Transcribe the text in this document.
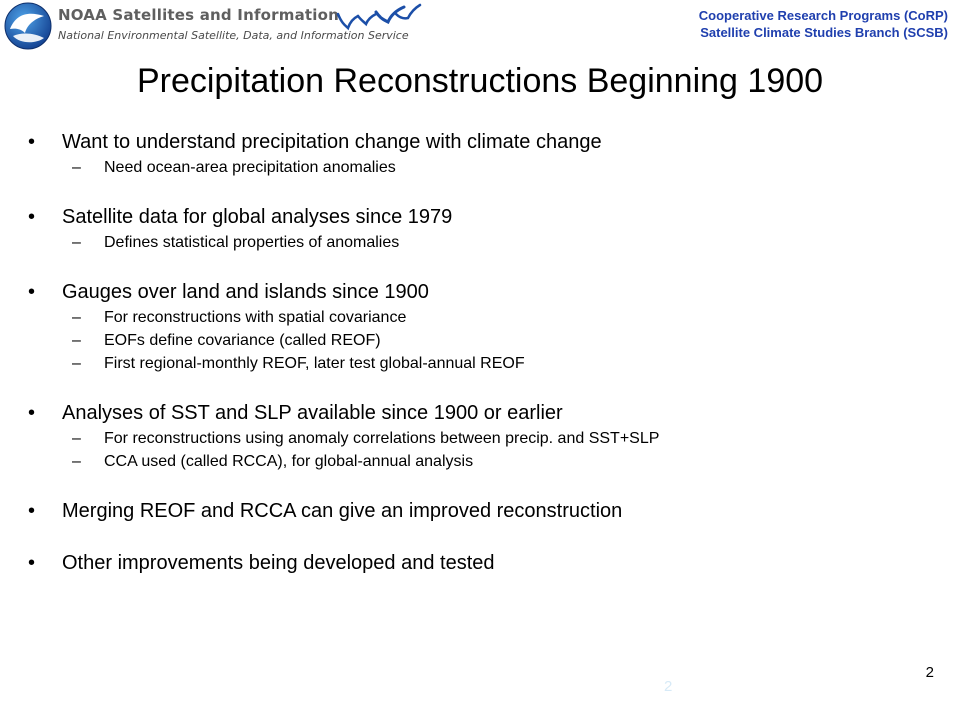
NOAA Satellites and Information
National Environmental Satellite, Data, and Information Service
Cooperative Research Programs (CoRP)
Satellite Climate Studies Branch (SCSB)
Precipitation Reconstructions Beginning 1900
• Want to understand precipitation change with climate change
– Need ocean-area precipitation anomalies
• Satellite data for global analyses since 1979
– Defines statistical properties of anomalies
• Gauges over land and islands since 1900
– For reconstructions with spatial covariance
– EOFs define covariance (called REOF)
– First regional-monthly REOF, later test global-annual REOF
• Analyses of SST and SLP available since 1900 or earlier
– For reconstructions using anomaly correlations between precip. and SST+SLP
– CCA used (called RCCA), for global-annual analysis
• Merging REOF and RCCA can give an improved reconstruction
• Other improvements being developed and tested
2
2
